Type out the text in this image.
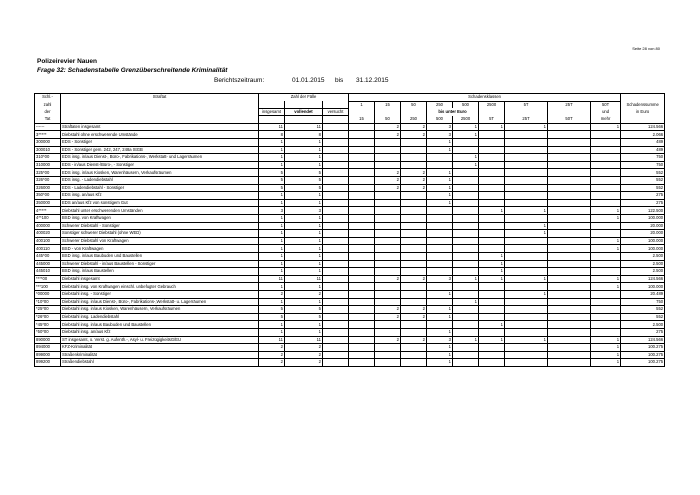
Seite 28 von 80
Polizeirevier Nauen
Frage 32: Schadenstabelle Grenzüberschreitende Kriminalität
Berichtszeitraum:	01.01.2015 bis 31.12.2015
Schl.-	Straftat	Zahl der Fälle			Schadensklassen									
zahl					1	15	50	250	500	2500	5T	25T	50T	Schadenssumme
der		insgesamt	vollendet	versucht				bis unter Euro					und	in Euro
Tat					15	50	250	500	2500	5T	25T	50T	mehr	
------	Straftaten insgesamt	11	11			2	2	3	1	1	1		1	124.566
3*****	Diebstahl ohne erschwerende Umstände	8	8			2	2	3	1					2.066
300000	EDS - Sonstiger	1	1					1						489
300010	EDS - Sonstiger gem. 242, 247, 248a StGB	1	1					1						489
310*00	EDS insg. in/aus Dienst-, Büro-, Fabrikations-, Werkstatt- und Lagerräumen	1	1						1					750
310000	EDS - in/aus Dienst-/Büro-, - Sonstiger	1	1						1					750
325*00	EDS insg. in/aus Kiosken, Warenhäusern, Verkaufsräumen	5	5			2	2	1						552
326*00	EDS insg. - Ladendiebstahl	5	5			2	2	1						552
326000	EDS - Ladendiebstahl - Sonstiger	5	5			2	2	1						552
350*00	EDS insg. an/aus Kfz	1	1					1						275
350000	EDS an/aus Kfz von sonstigem Gut	1	1					1						275
4*****	Diebstahl unter erschwerenden Umständen	3	3							1	1		1	122.500
4**100	BSD insg. von Kraftwagen	1	1										1	100.000
400000	Schwerer Diebstahl - Sonstiger	1	1								1			20.000
400020	Sonstiger schwerer Diebstahl (ohne WED)	1	1								1			20.000
400100	Schwerer Diebstahl von Kraftwagen	1	1										1	100.000
400110	BSD - von Kraftwagen	1	1										1	100.000
445*00	BSD insg. in/aus Baubuden und Baustellen	1	1							1				2.500
445000	Schwerer Diebstahl - in/aus Baustellen - Sonstiger	1	1							1				2.500
445010	BSD insg. in/aus Baustellen	1	1							1				2.500
****00	Diebstahl insgesamt	11	11			2	2	3	1	1	1		1	124.566
***100	Diebstahl insg. von Kraftwagen einschl. unbefugter Gebrauch	1	1										1	100.000
*00000	Diebstahl insg. - Sonstiger	2	2					1			1			20.489
*10*00	Diebstahl insg. in/aus Dienst-, Büro-, Fabrikations-,Werkstatt- u. Lagerräumen	1	1						1					750
*25*00	Diebstahl insg. in/aus Kiosken, Warenhäusern, Verkaufsräumen	5	5			2	2	1						552
*26*00	Diebstahl insg. Ladendiebstahl	5	5			2	2	1						552
*45*00	Diebstahl insg. in/aus Baubuden und Baustellen	1	1							1				2.500
*50*00	Diebstahl insg. an/aus Kfz	1	1					1						275
890000	ST insgesamt, o. Verst. g. Aufenth.-, Asyl- u. FreizügigkeitsG/EU	11	11			2	2	3	1	1	1		1	124.566
894000	KFZ-Kriminalität	2	2					1					1	100.275
899000	Straßenkriminalität	2	2					1					1	100.275
899200	Straßendiebstahl	2	2					1					1	100.275
